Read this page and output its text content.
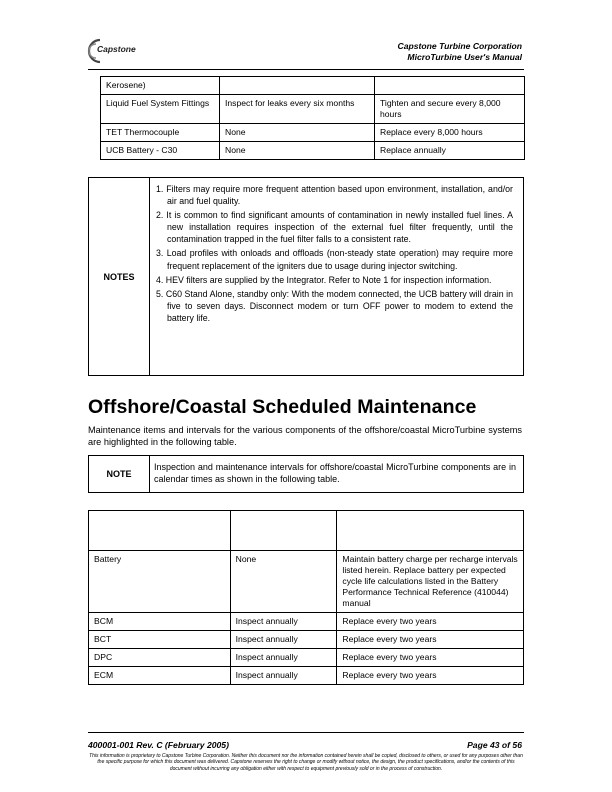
Capstone	Capstone Turbine Corporation
MicroTurbine User's Manual
Kerosene)		
Liquid Fuel System Fittings	Inspect for leaks every six months	Tighten and secure every 8,000 hours
TET Thermocouple	None	Replace every 8,000 hours
UCB Battery - C30	None	Replace annually
NOTES
1. Filters may require more frequent attention based upon environment, installation, and/or air and fuel quality.
2. It is common to find significant amounts of contamination in newly installed fuel lines. A new installation requires inspection of the external fuel filter frequently, until the contamination trapped in the fuel filter falls to a consistent rate.
3. Load profiles with onloads and offloads (non-steady state operation) may require more frequent replacement of the igniters due to usage during injector switching.
4. HEV filters are supplied by the Integrator. Refer to Note 1 for inspection information.
5. C60 Stand Alone, standby only: With the modem connected, the UCB battery will drain in five to seven days. Disconnect modem or turn OFF power to modem to extend the battery life.
Offshore/Coastal Scheduled Maintenance
Maintenance items and intervals for the various components of the offshore/coastal MicroTurbine systems are highlighted in the following table.
NOTE
Inspection and maintenance intervals for offshore/coastal MicroTurbine components are in calendar times as shown in the following table.

Battery	None	Maintain battery charge per recharge intervals listed herein. Replace battery per expected cycle life calculations listed in the Battery Performance Technical Reference (410044) manual
BCM	Inspect annually	Replace every two years
BCT	Inspect annually	Replace every two years
DPC	Inspect annually	Replace every two years
ECM	Inspect annually	Replace every two years
400001-001 Rev. C (February 2005)	Page 43 of 56
This information is proprietary to Capstone Turbine Corporation. Neither this document nor the information contained herein shall be copied, disclosed to others, or used for any purposes other than the specific purpose for which this document was delivered. Capstone reserves the right to change or modify without notice, the design, the product specifications, and/or the contents of this document without incurring any obligation either with respect to equipment previously sold or in the process of construction.
